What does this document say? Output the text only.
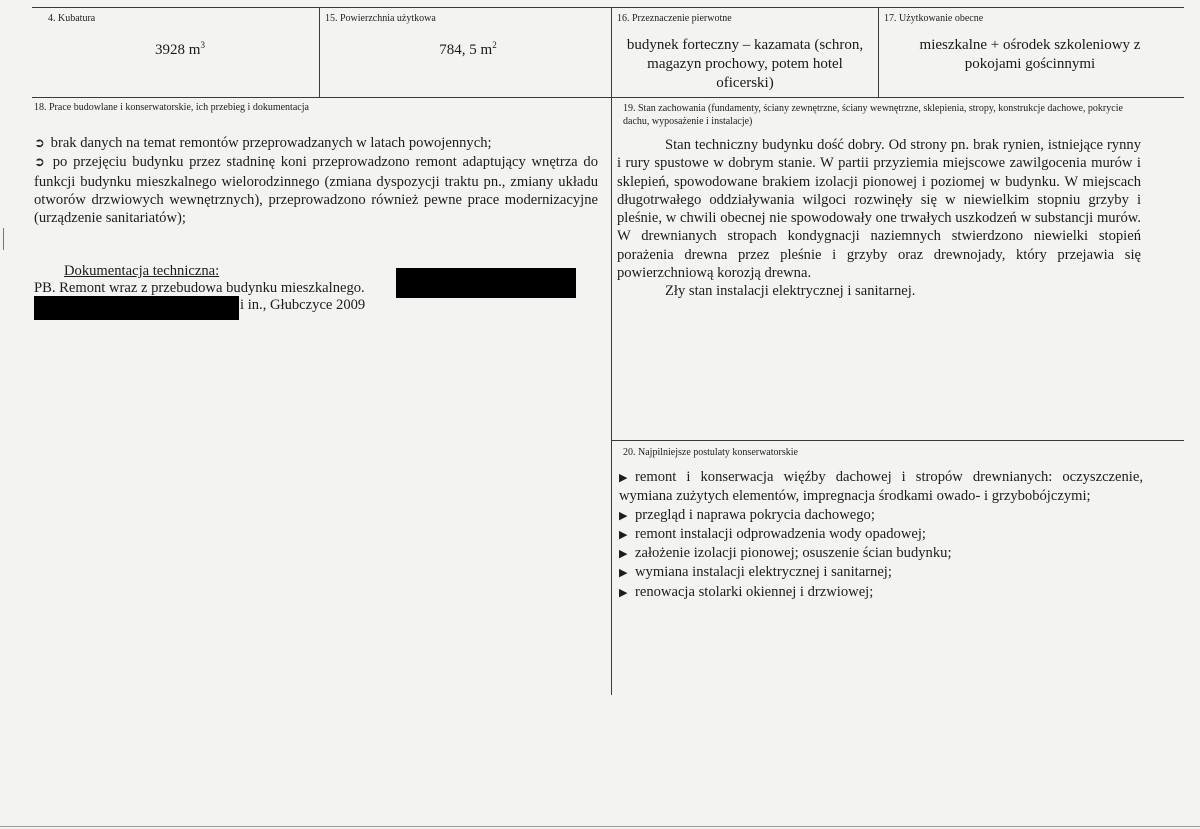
4. Kubatura
3928 $m^3$
15. Powierzchnia użytkowa
784, 5 $m^2$
16. Przeznaczenie pierwotne
budynek forteczny – kazamata (schron, magazyn prochowy, potem hotel oficerski)
17. Użytkowanie obecne
mieszkalne + ośrodek szkoleniowy z pokojami gościnnymi
18. Prace budowlane i konserwatorskie, ich przebieg i dokumentacja

➲ brak danych na temat remontów przeprowadzanych w latach powojennych;

➲ po przejęciu budynku przez stadninę koni przeprowadzono remont adaptujący wnętrza do funkcji budynku mieszkalnego wielorodzinnego (zmiana dyspozycji traktu pn., zmiany układu otworów drzwiowych wewnętrznych), przeprowadzono również pewne prace modernizacyjne (urządzenie sanitariatów);

Dokumentacja techniczna:
PB. Remont wraz z przebudowa budynku mieszkalnego.
i in., Głubczyce 2009
19. Stan zachowania (fundamenty, ściany zewnętrzne, ściany wewnętrzne, sklepienia, stropy, konstrukcje dachowe, pokrycie dachu, wyposażenie i instalacje)

Stan techniczny budynku dość dobry. Od strony pn. brak rynien, istniejące rynny i rury spustowe w dobrym stanie. W partii przyziemia miejscowe zawilgocenia murów i sklepień, spowodowane brakiem izolacji pionowej i poziomej w budynku. W miejscach długotrwałego oddziaływania wilgoci rozwinęły się w niewielkim stopniu grzyby i pleśnie, w chwili obecnej nie spowodowały one trwałych uszkodzeń w substancji murów. W drewnianych stropach kondygnacji naziemnych stwierdzono niewielki stopień porażenia drewna przez pleśnie i grzyby oraz drewnojady, który przejawia się powierzchniową korozją drewna.

Zły stan instalacji elektrycznej i sanitarnej.

20. Najpilniejsze postulaty konserwatorskie

▶ remont i konserwacja więźby dachowej i stropów drewnianych: oczyszczenie, wymiana zużytych elementów, impregnacja środkami owado- i grzybobójczymi;

▶ przegląd i naprawa pokrycia dachowego;

▶ remont instalacji odprowadzenia wody opadowej;

▶ założenie izolacji pionowej; osuszenie ścian budynku;

▶ wymiana instalacji elektrycznej i sanitarnej;

▶ renowacja stolarki okiennej i drzwiowej;
